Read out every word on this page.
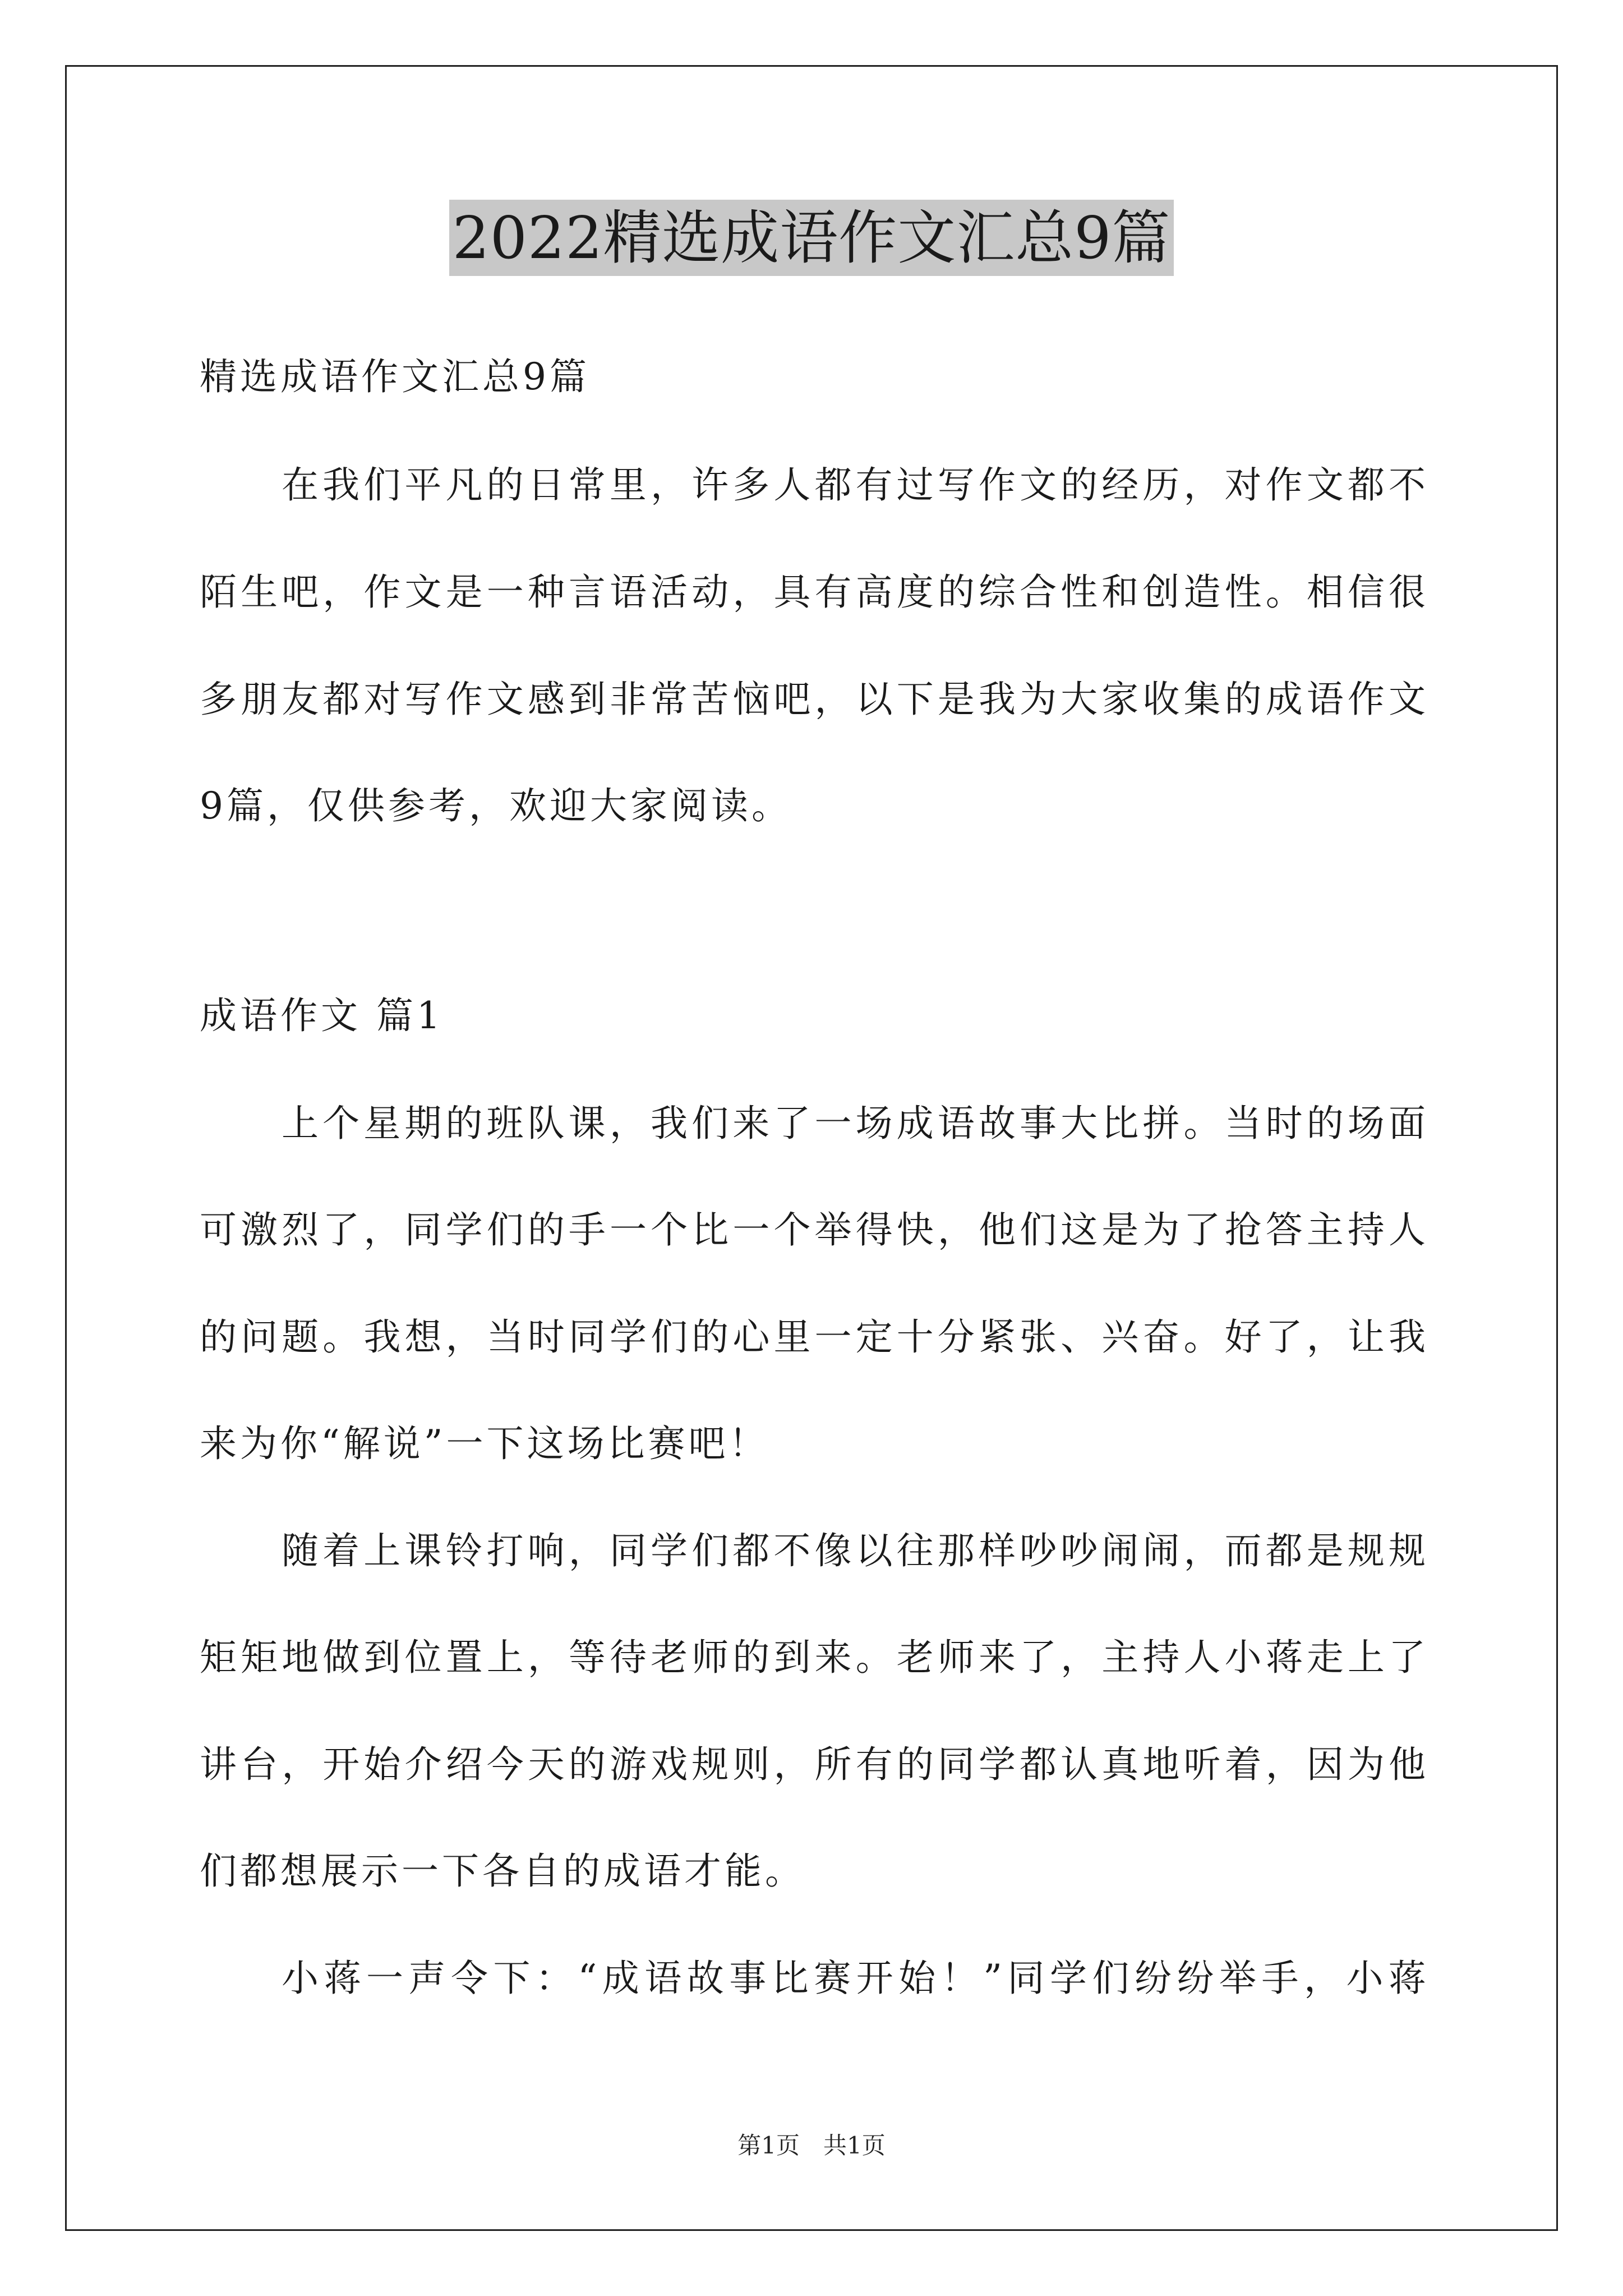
2022精选成语作文汇总9篇
精选成语作文汇总9篇
在我们平凡的日常里，许多人都有过写作文的经历，对作文都不
陌生吧，作文是一种言语活动，具有高度的综合性和创造性。相信很
多朋友都对写作文感到非常苦恼吧，以下是我为大家收集的成语作文
9篇，仅供参考，欢迎大家阅读。
成语作文 篇1
上个星期的班队课，我们来了一场成语故事大比拼。当时的场面
可激烈了，同学们的手一个比一个举得快，他们这是为了抢答主持人
的问题。我想，当时同学们的心里一定十分紧张、兴奋。好了，让我
来为你“解说”一下这场比赛吧！
随着上课铃打响，同学们都不像以往那样吵吵闹闹，而都是规规
矩矩地做到位置上，等待老师的到来。老师来了，主持人小蒋走上了
讲台，开始介绍今天的游戏规则，所有的同学都认真地听着，因为他
们都想展示一下各自的成语才能。
小蒋一声令下：“成语故事比赛开始！”同学们纷纷举手，小蒋
第1页　共1页
